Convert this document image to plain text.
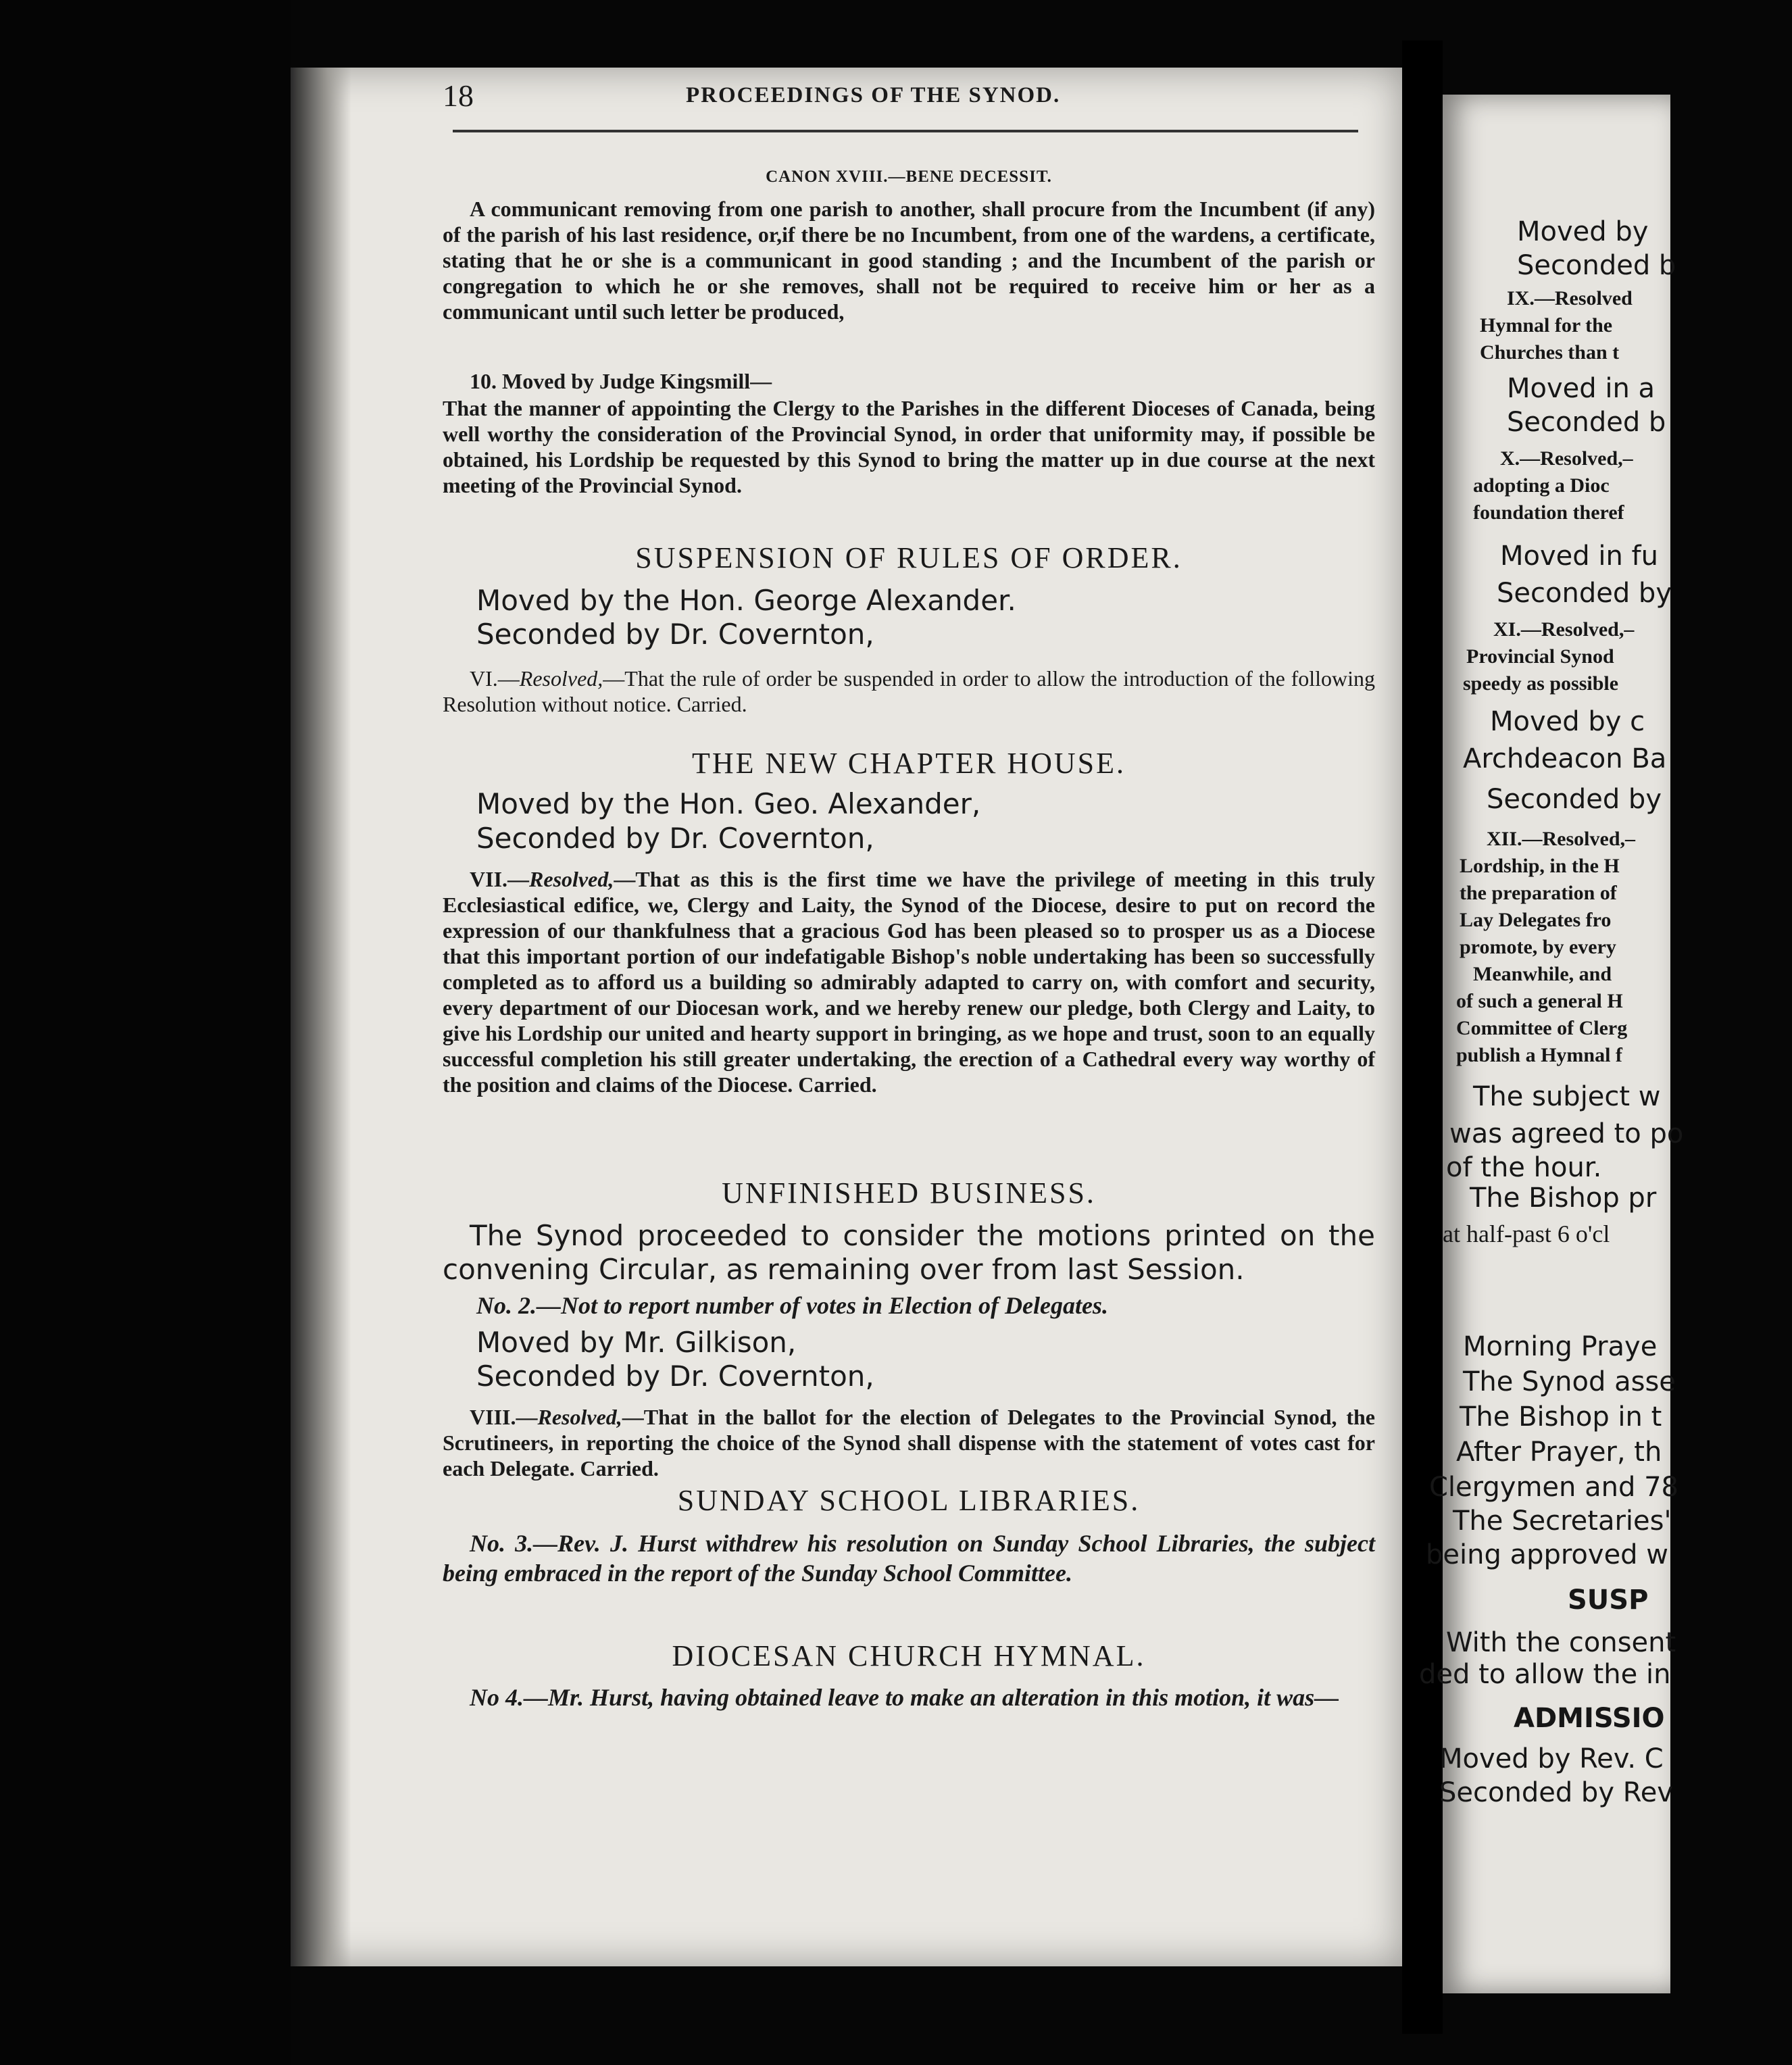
18	PROCEEDINGS OF THE SYNOD.
CANON XVIII.—BENE DECESSIT.
A communicant removing from one parish to another, shall procure from the Incumbent (if any) of the parish of his last residence, or,if there be no Incumbent, from one of the wardens, a certificate, stating that he or she is a communicant in good standing ; and the Incumbent of the parish or congregation to which he or she removes, shall not be required to receive him or her as a communicant until such letter be produced,
10. Moved by Judge Kingsmill—
That the manner of appointing the Clergy to the Parishes in the different Dioceses of Canada, being well worthy the consideration of the Provincial Synod, in order that uniformity may, if possible be obtained, his Lordship be requested by this Synod to bring the matter up in due course at the next meeting of the Provincial Synod.
SUSPENSION OF RULES OF ORDER.
Moved by the Hon. George Alexander.
Seconded by Dr. Covernton,
VI.—Resolved,—That the rule of order be suspended in order to allow the introduction of the following Resolution without notice. Carried.
THE NEW CHAPTER HOUSE.
Moved by the Hon. Geo. Alexander,
Seconded by Dr. Covernton,
VII.—Resolved,—That as this is the first time we have the privilege of meeting in this truly Ecclesiastical edifice, we, Clergy and Laity, the Synod of the Diocese, desire to put on record the expression of our thankfulness that a gracious God has been pleased so to prosper us as a Diocese that this important portion of our indefatigable Bishop's noble undertaking has been so successfully completed as to afford us a building so admirably adapted to carry on, with comfort and security, every department of our Diocesan work, and we hereby renew our pledge, both Clergy and Laity, to give his Lordship our united and hearty support in bringing, as we hope and trust, soon to an equally successful completion his still greater undertaking, the erection of a Cathedral every way worthy of the position and claims of the Diocese. Carried.
UNFINISHED BUSINESS.
The Synod proceeded to consider the motions printed on the convening Circular, as remaining over from last Session.
No. 2.—Not to report number of votes in Election of Delegates.
Moved by Mr. Gilkison,
Seconded by Dr. Covernton,
VIII.—Resolved,—That in the ballot for the election of Delegates to the Provincial Synod, the Scrutineers, in reporting the choice of the Synod shall dispense with the statement of votes cast for each Delegate. Carried.
SUNDAY SCHOOL LIBRARIES.
No. 3.—Rev. J. Hurst withdrew his resolution on Sunday School Libraries, the subject being embraced in the report of the Sunday School Committee.
DIOCESAN CHURCH HYMNAL.
No 4.—Mr. Hurst, having obtained leave to make an alteration in this motion, it was—
Moved by
Seconded b
IX.—Resolved
Hymnal for the
Churches than t
Moved in a
Seconded b
X.—Resolved,–
adopting a Dioc
foundation theref
Moved in fu
Seconded by
XI.—Resolved,–
Provincial Synod
speedy as possible
Moved by c
Archdeacon Ba
Seconded by
XII.—Resolved,–
Lordship, in the H
the preparation of
Lay Delegates fro
promote, by every
Meanwhile, and
of such a general H
Committee of Clerg
publish a Hymnal f
The subject w
was agreed to po
of the hour.
The Bishop pr
at half-past 6 o'cl
Morning Praye
The Synod asse
The Bishop in t
After Prayer, th
Clergymen and 78
The Secretaries'
being approved w
SUSP
With the consent
ded to allow the in
ADMISSIO
Moved by Rev. C
Seconded by Rev
